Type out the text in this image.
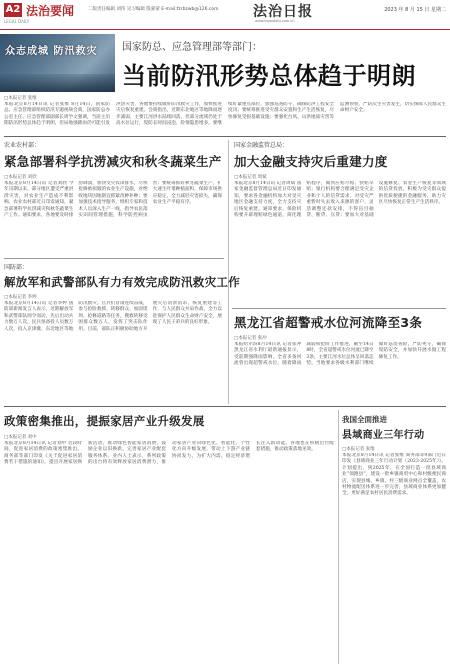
A2 法治要闻	二版责任编辑 刘伟 见习编辑 殷蒙蒙 E-mail:fzrbzwb@126.com 法治日报
www.legaldaily.com.cn
2023 年 8 月 15 日 星期二
LEGAL DAILY
众志成城 防汛救灾 国家防总、应急管理部等部门：
当前防汛形势总体趋于明朗
□本报记者 张维
本报北京8月14日讯 记者张维 8月14日，国家防总、应急管理部组织防汛专题视频会商，国家防总办公室主任、应急管理部副部长周学文强调，当前主汛期防汛形势总体趋于明朗，但局地强降雨仍可能引发洪涝灾害，各地要持续做好防汛救灾工作，加快推进灾后恢复重建。会商指出，近期东北地区等地降雨逐步减弱，主要江河洪水陆续回落，但部分流域仍处于高水位运行，堤防长时间浸泡，险情隐患增多。要继续盯紧重点部位，加强巡查防守，确保防洪工程安全度汛；要统筹推进受灾群众安置和生产生活恢复，尽快修复受损基础设施；要强化台风、山洪地质灾害等监测预警，严防次生灾害发生，切实保障人民群众生命财产安全。
农业农村部：
紧急部署科学抗涝减灾和秋冬蔬菜生产
□本报记者 刘欣
本报北京8月14日讯 记者刘欣 今年汛期以来，部分地区遭受严重洪涝灾害，对农业生产造成不利影响。农业农村部近日印发通知，紧急部署科学抗涝减灾和秋冬蔬菜生产工作。通知要求，各地要及时排涝降渍，加快受灾农田排水，尽快抢修被损毁的农业生产设施，对绝收地块因地制宜抓紧改种补种；要加强技术指导服务，组织专家和技术人员深入生产一线，指导农民落实田间管理措施，科学防控病虫害；要统筹抓好秋冬蔬菜生产，扩大速生叶菜种植面积，保障市场供应稳定，全力减轻灾害损失，确保农业生产平稳有序。
国家金融监管总局：
加大金融支持灾后重建力度
□本报记者 周斌
本报北京8月14日讯 记者周斌 国家金融监督管理总局近日印发通知，要求各金融机构加大对受灾地区金融支持力度，全力支持灾后恢复重建。通知要求，保险机构要开辟理赔绿色通道，简化理赔程序，做到应赔尽赔、快赔早赔；银行机构要合理满足受灾企业和个人的信贷需求，对受灾严重暂时失去收入来源的客户，灵活调整还款安排，不得盲目抽贷、断贷、压贷；要加大对基础设施修复、农业生产恢复等领域的信贷投放，积极为受灾群众提供优质便捷的金融服务，助力灾区尽快恢复正常生产生活秩序。
国防部：
解放军和武警部队有力有效完成防汛救灾工作
□本报记者 李婷
本报北京8月14日讯 记者李婷 国防部新闻发言人表示，近期解放军和武警部队闻令而动，先后出动兵力数万人次，民兵预备役人员数万人次，投入京津冀、东北地区等地防汛救灾。官兵们冒雨连续奋战，参与抢险救援、转移群众、加固堤坝、抢修道路等任务，搜救转移受困群众数万人，发挥了突击队作用。目前，部队正积极协助地方开展灾后清淤消杀、恢复重建等工作，与人民群众并肩作战，全力以赴保护人民群众生命财产安全，展现了人民子弟兵的良好形象。	黑龙江省超警戒水位河流降至3条
□本报记者 张冲
本报哈尔滨8月14日讯 记者张冲 黑龙江省水利厅最新通报显示，受前期强降雨影响，全省多条河流曾出现超警戒水位。随着降雨减弱和抢险工作推进，截至14日8时，全省超警戒水位河流已降至3条，主要江河水位总体呈回落态势。当地要求各级水利部门继续做好巡堤查险，严防死守，确保堤防安全，并加快开展水毁工程修复工作。
政策密集推出，提振家居产业升级发展
□本报记者 刘中
本报北京8月14日讯 记者刘中 近段时间，促进家居消费的政策密集推出。商务部等部门印发《关于促进家居消费若干措施的通知》，提出开展家居焕新活动，推动绿色智能家居消费，鼓励企业以旧换新，完善家居产业配套服务体系。业内人士表示，系列政策的出台将有效释放家居消费潜力，推动家居产业向绿色化、智能化、个性化方向升级发展，带动上下游产业链协同发力，为扩大内需、稳定经济增长注入新动能。各地也在积极出台配套措施，推动政策落地见效。
我国全面推进
县域商业三年行动
□本报记者 张维
本报北京8月14日讯 记者张维 商务部等9部门近日印发《县域商业三年行动计划（2023-2025年）》。计划提出，到2025年，在全国打造一批县域商业“领跑县”，建设一批乡镇商贸中心和村级便民商店，实现县城、乡镇、村三级商业网点全覆盖，农村物流配送体系进一步完善，县域商业体系更加健全，更好满足农村居民消费需求。
